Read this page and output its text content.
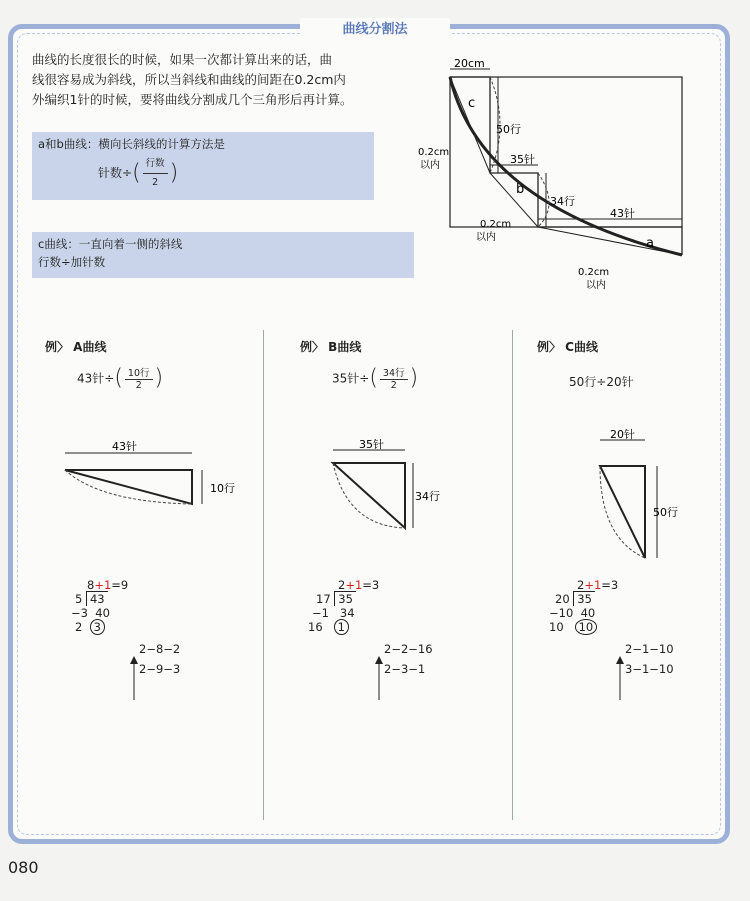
曲线分割法
曲线的长度很长的时候，如果一次都计算出来的话，曲
线很容易成为斜线，所以当斜线和曲线的间距在0.2cm内
外编织1针的时候，要将曲线分割成几个三角形后再计算。
a和b曲线：横向长斜线的计算方法是
针数÷( $\frac{\text{行数}}{2}$ )
c曲线：一直向着一侧的斜线
行数÷加针数
20cm
c
50行
0.2cm
以内	35针
b
34行
0.2cm
以内
43针
a
0.2cm
以内
例〉 A曲线
43针÷( $\frac{\text{10行}}{2}$ )
43针
10行
8+1=9
5 43
−3 40
2 3
2−8−2
2−9−3
例〉 B曲线
35针÷( $\frac{\text{34行}}{2}$ )
35针
34行
2+1=3
17 35
−1 34
16 1
2−2−16
2−3−1
例〉 C曲线
50行÷20针
20针
50行
2+1=3
20 35
−10 40
10 10
2−1−10
3−1−10
080
